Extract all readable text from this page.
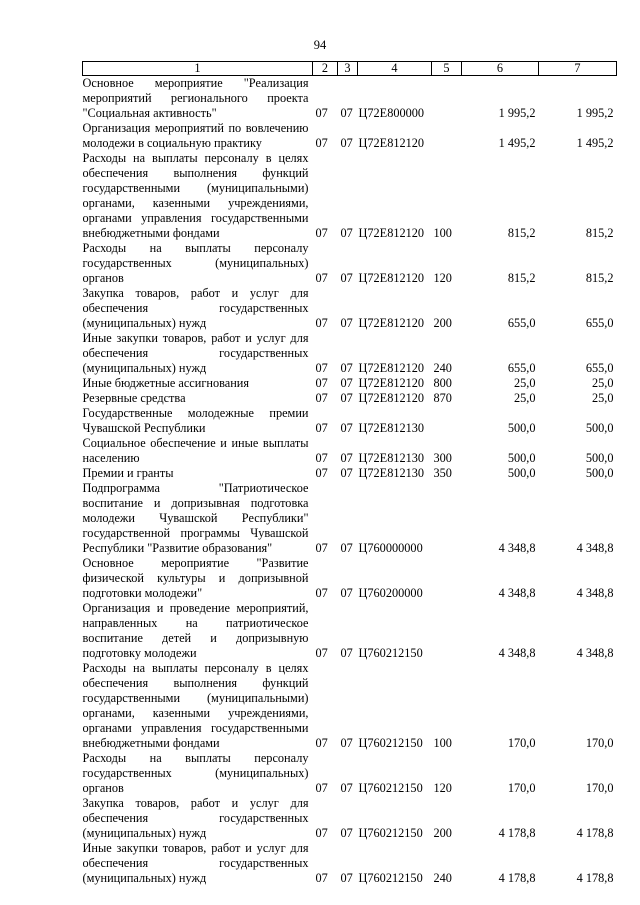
94
1	2	3	4	5	6	7
Основное мероприятие "Реализация мероприятий регионального проекта "Социальная активность"	07	07	Ц72Е800000		1 995,2	1 995,2
Организация мероприятий по вовлечению молодежи в социальную практику	07	07	Ц72Е812120		1 495,2	1 495,2
Расходы на выплаты персоналу в целях обеспечения выполнения функций государственными (муниципальными) органами, казенными учреждениями, органами управления государственными внебюджетными фондами	07	07	Ц72Е812120	100	815,2	815,2
Расходы на выплаты персоналу государственных (муниципальных) органов	07	07	Ц72Е812120	120	815,2	815,2
Закупка товаров, работ и услуг для обеспечения государственных (муниципальных) нужд	07	07	Ц72Е812120	200	655,0	655,0
Иные закупки товаров, работ и услуг для обеспечения государственных (муниципальных) нужд	07	07	Ц72Е812120	240	655,0	655,0
Иные бюджетные ассигнования	07	07	Ц72Е812120	800	25,0	25,0
Резервные средства	07	07	Ц72Е812120	870	25,0	25,0
Государственные молодежные премии Чувашской Республики	07	07	Ц72Е812130		500,0	500,0
Социальное обеспечение и иные выплаты населению	07	07	Ц72Е812130	300	500,0	500,0
Премии и гранты	07	07	Ц72Е812130	350	500,0	500,0
Подпрограмма "Патриотическое воспитание и допризывная подготовка молодежи Чувашской Республики" государственной программы Чувашской Республики "Развитие образования"	07	07	Ц760000000		4 348,8	4 348,8
Основное мероприятие "Развитие физической культуры и допризывной подготовки молодежи"	07	07	Ц760200000		4 348,8	4 348,8
Организация и проведение мероприятий, направленных на патриотическое воспитание детей и допризывную подготовку молодежи	07	07	Ц760212150		4 348,8	4 348,8
Расходы на выплаты персоналу в целях обеспечения выполнения функций государственными (муниципальными) органами, казенными учреждениями, органами управления государственными внебюджетными фондами	07	07	Ц760212150	100	170,0	170,0
Расходы на выплаты персоналу государственных (муниципальных) органов	07	07	Ц760212150	120	170,0	170,0
Закупка товаров, работ и услуг для обеспечения государственных (муниципальных) нужд	07	07	Ц760212150	200	4 178,8	4 178,8
Иные закупки товаров, работ и услуг для обеспечения государственных (муниципальных) нужд	07	07	Ц760212150	240	4 178,8	4 178,8
